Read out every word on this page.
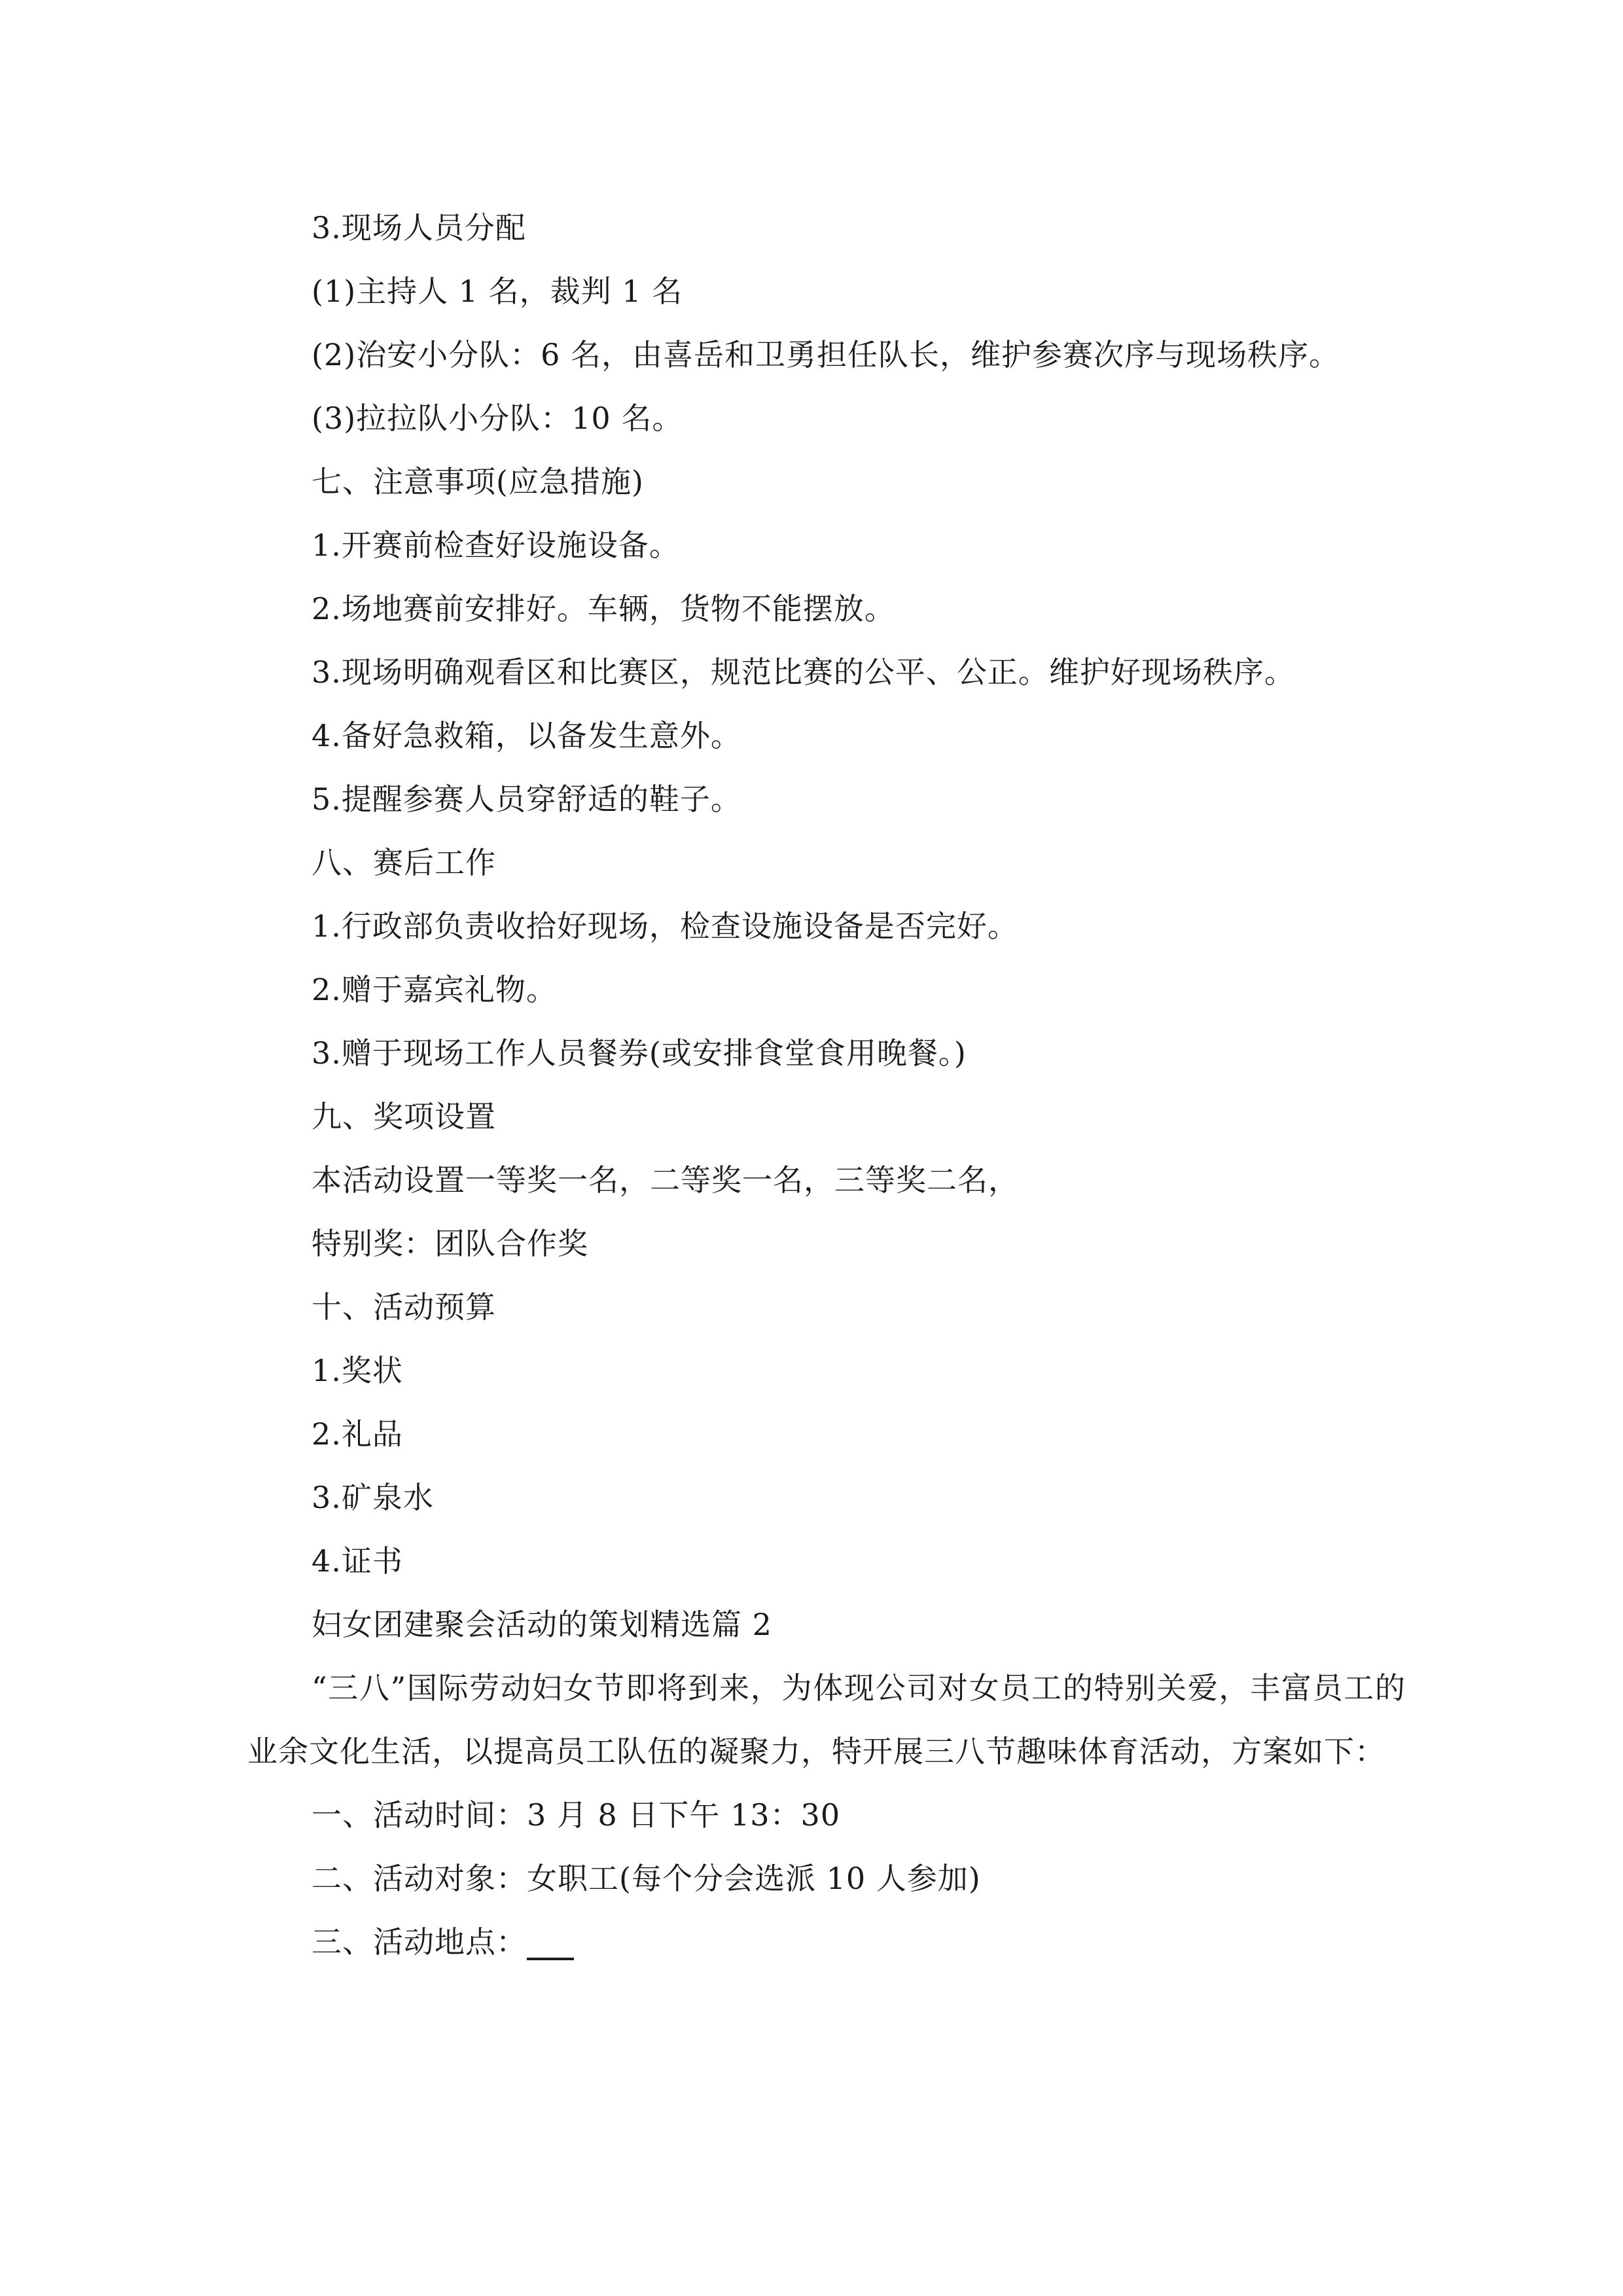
3.现场人员分配
(1)主持人 1 名，裁判 1 名
(2)治安小分队：6 名，由喜岳和卫勇担任队长，维护参赛次序与现场秩序。
(3)拉拉队小分队：10 名。
七、注意事项(应急措施)
1.开赛前检查好设施设备。
2.场地赛前安排好。车辆，货物不能摆放。
3.现场明确观看区和比赛区，规范比赛的公平、公正。维护好现场秩序。
4.备好急救箱，以备发生意外。
5.提醒参赛人员穿舒适的鞋子。
八、赛后工作
1.行政部负责收拾好现场，检查设施设备是否完好。
2.赠于嘉宾礼物。
3.赠于现场工作人员餐券(或安排食堂食用晚餐。)
九、奖项设置
本活动设置一等奖一名，二等奖一名，三等奖二名，
特别奖：团队合作奖
十、活动预算
1.奖状
2.礼品
3.矿泉水
4.证书
妇女团建聚会活动的策划精选篇 2
“三八”国际劳动妇女节即将到来，为体现公司对女员工的特别关爱，丰富员工的业余文化生活，以提高员工队伍的凝聚力，特开展三八节趣味体育活动，方案如下：
一、活动时间：3 月 8 日下午 13：30
二、活动对象：女职工(每个分会选派 10 人参加)
三、活动地点：___
